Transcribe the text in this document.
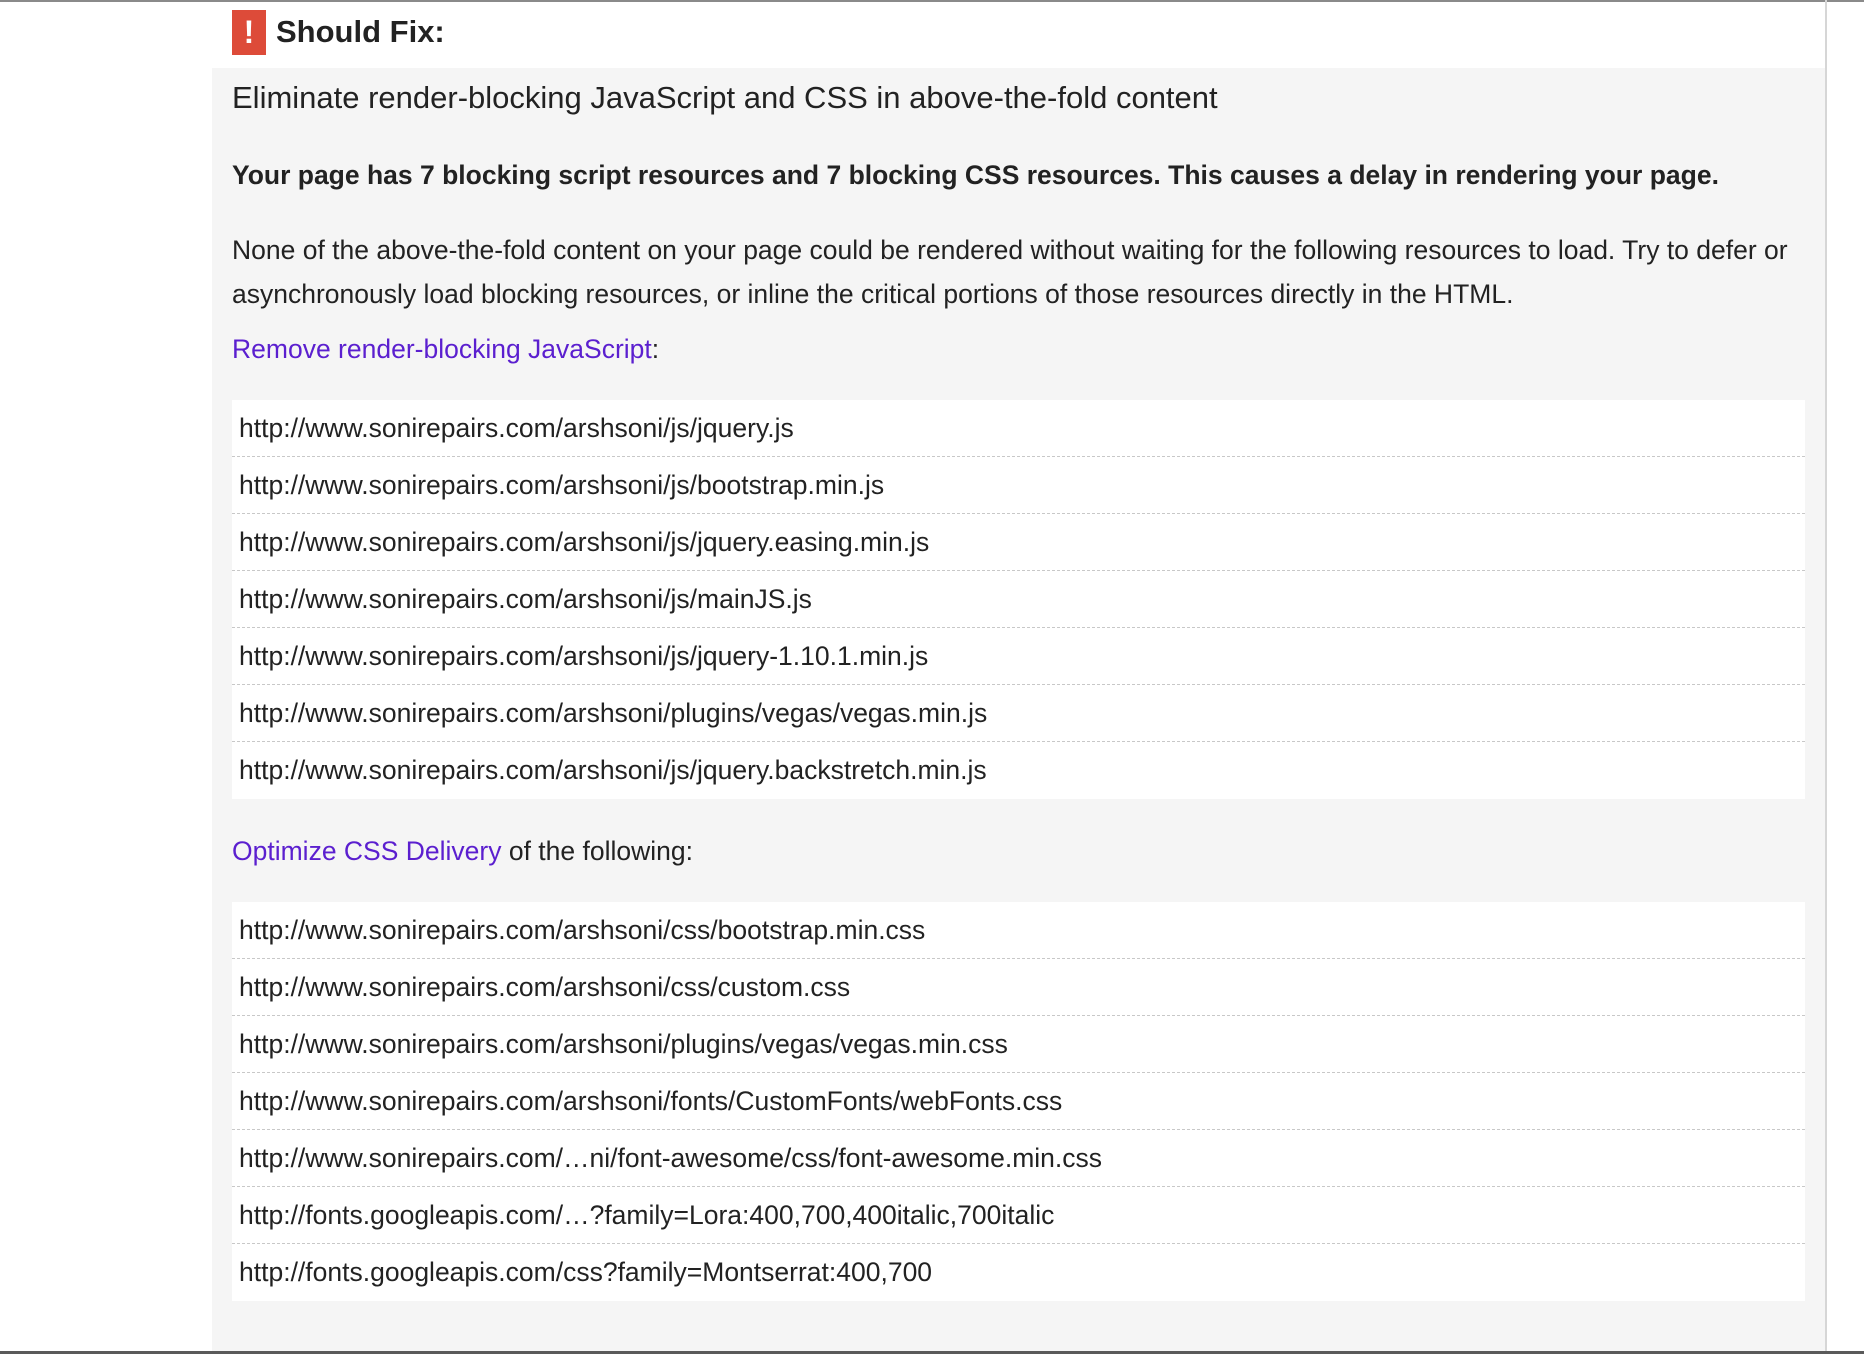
! Should Fix:
Eliminate render-blocking JavaScript and CSS in above-the-fold content
Your page has 7 blocking script resources and 7 blocking CSS resources. This causes a delay in rendering your page.
None of the above-the-fold content on your page could be rendered without waiting for the following resources to load. Try to defer or asynchronously load blocking resources, or inline the critical portions of those resources directly in the HTML.
Remove render-blocking JavaScript:
http://www.sonirepairs.com/arshsoni/js/jquery.js
http://www.sonirepairs.com/arshsoni/js/bootstrap.min.js
http://www.sonirepairs.com/arshsoni/js/jquery.easing.min.js
http://www.sonirepairs.com/arshsoni/js/mainJS.js
http://www.sonirepairs.com/arshsoni/js/jquery-1.10.1.min.js
http://www.sonirepairs.com/arshsoni/plugins/vegas/vegas.min.js
http://www.sonirepairs.com/arshsoni/js/jquery.backstretch.min.js
Optimize CSS Delivery of the following:
http://www.sonirepairs.com/arshsoni/css/bootstrap.min.css
http://www.sonirepairs.com/arshsoni/css/custom.css
http://www.sonirepairs.com/arshsoni/plugins/vegas/vegas.min.css
http://www.sonirepairs.com/arshsoni/fonts/CustomFonts/webFonts.css
http://www.sonirepairs.com/…ni/font-awesome/css/font-awesome.min.css
http://fonts.googleapis.com/…?family=Lora:400,700,400italic,700italic
http://fonts.googleapis.com/css?family=Montserrat:400,700
